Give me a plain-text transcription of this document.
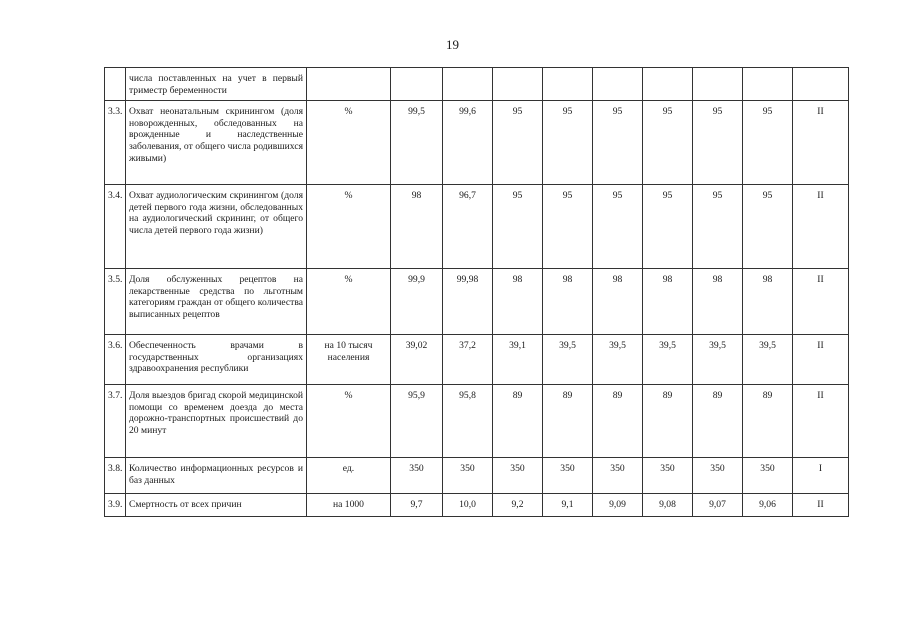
19
	числа поставленных на учет в первый триместр беременности										
3.3.	Охват неонатальным скринингом (доля новорожденных, обследованных на врожденные и наследственные заболевания, от общего числа родившихся живыми)	%	99,5	99,6	95	95	95	95	95	95	II
3.4.	Охват аудиологическим скринингом (доля детей первого года жизни, обследованных на аудиологический скрининг, от общего числа детей первого года жизни)	%	98	96,7	95	95	95	95	95	95	II
3.5.	Доля обслуженных рецептов на лекарственные средства по льготным категориям граждан от общего количества выписанных рецептов	%	99,9	99,98	98	98	98	98	98	98	II
3.6.	Обеспеченность врачами в государственных организациях здравоохранения республики	на 10 тысяч населения	39,02	37,2	39,1	39,5	39,5	39,5	39,5	39,5	II
3.7.	Доля выездов бригад скорой медицинской помощи со временем доезда до места дорожно-транспортных происшествий до 20 минут	%	95,9	95,8	89	89	89	89	89	89	II
3.8.	Количество информационных ресурсов и баз данных	ед.	350	350	350	350	350	350	350	350	I
3.9.	Смертность от всех причин	на 1000	9,7	10,0	9,2	9,1	9,09	9,08	9,07	9,06	II
